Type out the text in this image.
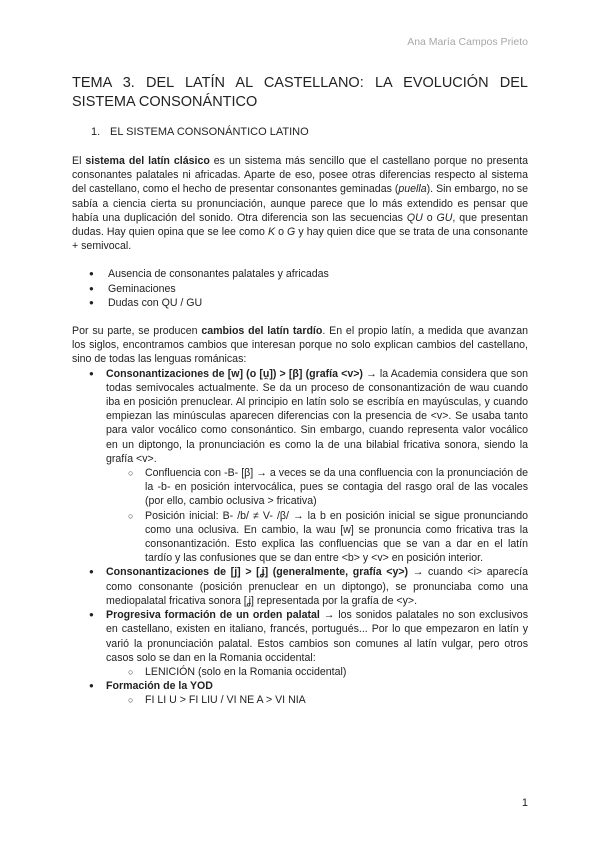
Ana María Campos Prieto
TEMA 3. DEL LATÍN AL CASTELLANO: LA EVOLUCIÓN DEL SISTEMA CONSONÁNTICO
1. EL SISTEMA CONSONÁNTICO LATINO

El sistema del latín clásico es un sistema más sencillo que el castellano porque no presenta consonantes palatales ni africadas. Aparte de eso, posee otras diferencias respecto al sistema del castellano, como el hecho de presentar consonantes geminadas (puella). Sin embargo, no se sabía a ciencia cierta su pronunciación, aunque parece que lo más extendido es pensar que había una duplicación del sonido. Otra diferencia son las secuencias QU o GU, que presentan dudas. Hay quien opina que se lee como K o G y hay quien dice que se trata de una consonante + semivocal.

● Ausencia de consonantes palatales y africadas
● Geminaciones
● Dudas con QU / GU

Por su parte, se producen cambios del latín tardío. En el propio latín, a medida que avanzan los siglos, encontramos cambios que interesan porque no solo explican cambios del castellano, sino de todas las lenguas románicas:

● Consonantizaciones de [w] (o [u̯]) > [β] (grafía <v>) → la Academia considera que son todas semivocales actualmente. Se da un proceso de consonantización de wau cuando iba en posición prenuclear. Al principio en latín solo se escribía en mayúsculas, y cuando empiezan las minúsculas aparecen diferencias con la presencia de <v>. Se usaba tanto para valor vocálico como consonántico. Sin embargo, cuando representa valor vocálico en un diptongo, la pronunciación es como la de una bilabial fricativa sonora, siendo la grafía <v>.
○ Confluencia con -B- [β] → a veces se da una confluencia con la pronunciación de la -b- en posición intervocálica, pues se contagia del rasgo oral de las vocales (por ello, cambio oclusiva > fricativa)
○ Posición inicial: B- /b/ ≠ V- /β/ → la b en posición inicial se sigue pronunciando como una oclusiva. En cambio, la wau [w] se pronuncia como fricativa tras la consonantización. Esto explica las confluencias que se van a dar en el latín tardío y las confusiones que se dan entre <b> y <v> en posición interior.
● Consonantizaciones de [j] > [ʝ] (generalmente, grafía <y>) → cuando <i> aparecía como consonante (posición prenuclear en un diptongo), se pronunciaba como una mediopalatal fricativa sonora [ʝ] representada por la grafía de <y>.
● Progresiva formación de un orden palatal → los sonidos palatales no son exclusivos en castellano, existen en italiano, francés, portugués... Por lo que empezaron en latín y varió la pronunciación palatal. Estos cambios son comunes al latín vulgar, pero otros casos solo se dan en la Romania occidental:
○ LENICIÓN (solo en la Romania occidental)
● Formación de la YOD
○ FI LI U > FI LIU / VI NE A > VI NIA
1
